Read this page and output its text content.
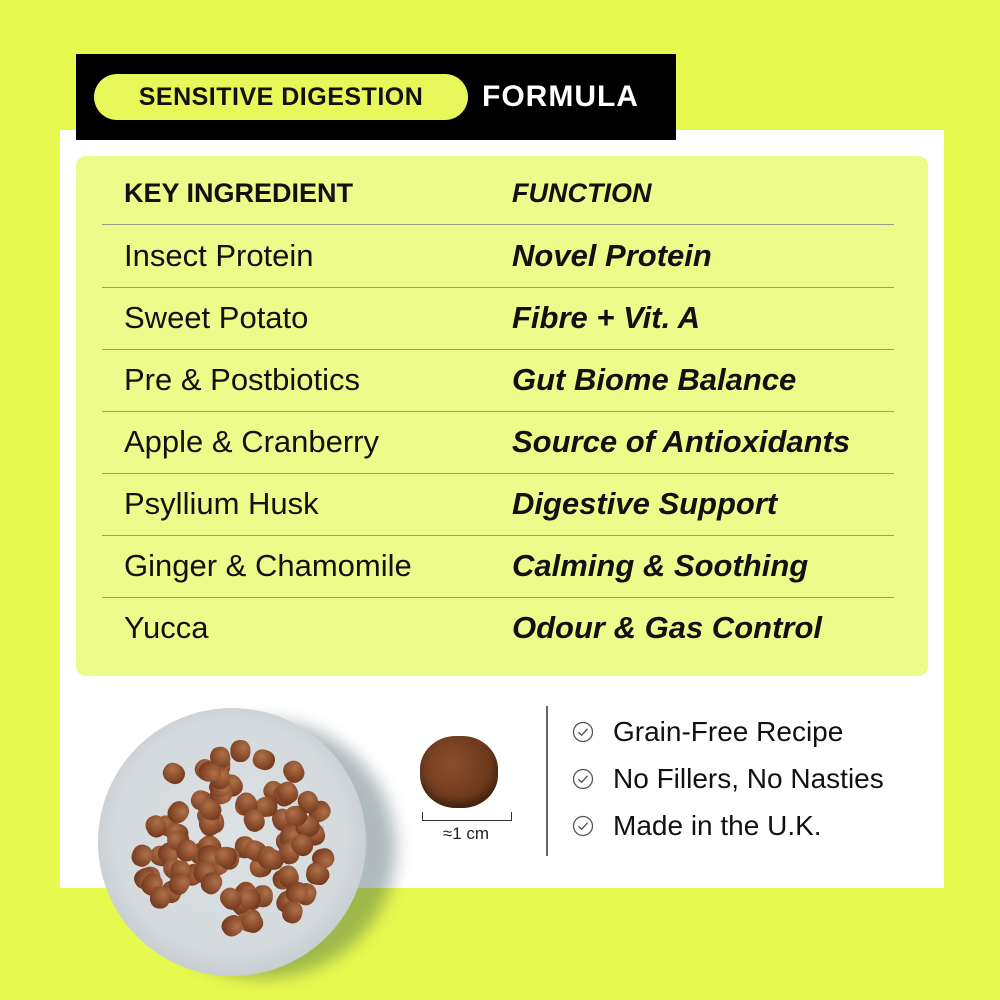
SENSITIVE DIGESTION	FORMULA
KEY INGREDIENT	FUNCTION
Insect Protein	Novel Protein
Sweet Potato	Fibre + Vit. A
Pre & Postbiotics	Gut Biome Balance
Apple & Cranberry	Source of Antioxidants
Psyllium Husk	Digestive Support
Ginger & Chamomile	Calming & Soothing
Yucca	Odour & Gas Control
≈1 cm
Grain-Free Recipe
No Fillers, No Nasties
Made in the U.K.
